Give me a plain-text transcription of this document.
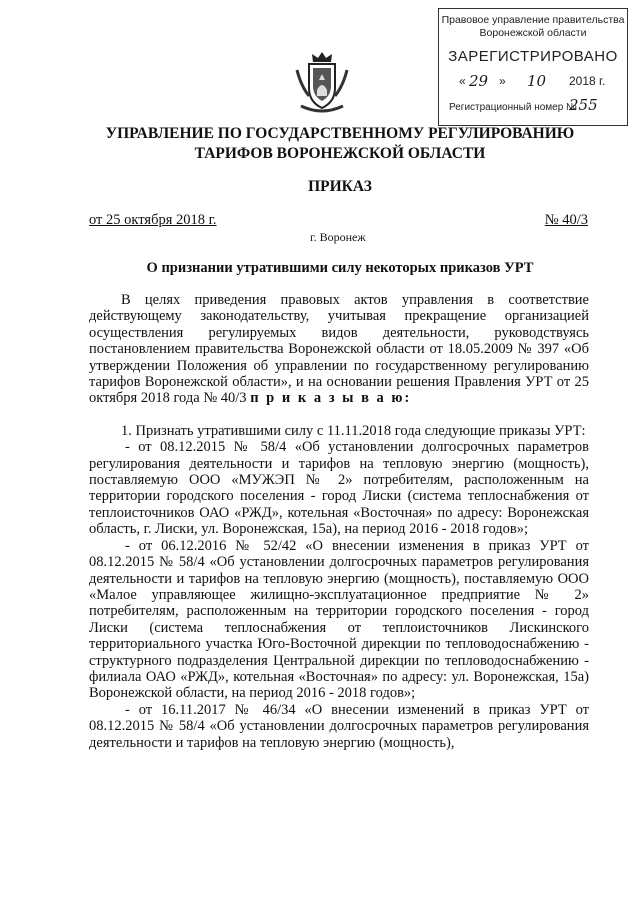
Правовое управление правительства
Воронежской области
ЗАРЕГИСТРИРОВАНО
« 29 » 10 2018 г.
Регистрационный номер №
255
УПРАВЛЕНИЕ ПО ГОСУДАРСТВЕННОМУ РЕГУЛИРОВАНИЮ
ТАРИФОВ ВОРОНЕЖСКОЙ ОБЛАСТИ
ПРИКАЗ
от 25 октября 2018 г.	№ 40/3
г. Воронеж
О признании утратившими силу некоторых приказов УРТ

В целях приведения правовых актов управления в соответствие действующему законодательству, учитывая прекращение организацией осуществления регулируемых видов деятельности, руководствуясь постановлением правительства Воронежской области от 18.05.2009 № 397 «Об утверждении Положения об управлении по государственному регулированию тарифов Воронежской области», и на основании решения Правления УРТ от 25 октября 2018 года № 40/3 п р и к а з ы в а ю:

1. Признать утратившими силу с 11.11.2018 года следующие приказы УРТ:

- от 08.12.2015 № 58/4 «Об установлении долгосрочных параметров регулирования деятельности и тарифов на тепловую энергию (мощность), поставляемую ООО «МУЖЭП № 2» потребителям, расположенным на территории городского поселения - город Лиски (система теплоснабжения от теплоисточников ОАО «РЖД», котельная «Восточная» по адресу: Воронежская область, г. Лиски, ул. Воронежская, 15а), на период 2016 - 2018 годов»;

- от 06.12.2016 № 52/42 «О внесении изменения в приказ УРТ от 08.12.2015 № 58/4 «Об установлении долгосрочных параметров регулирования деятельности и тарифов на тепловую энергию (мощность), поставляемую ООО «Малое управляющее жилищно-эксплуатационное предприятие № 2» потребителям, расположенным на территории городского поселения - город Лиски (система теплоснабжения от теплоисточников Лискинского территориального участка Юго-Восточной дирекции по тепловодоснабжению - структурного подразделения Центральной дирекции по тепловодоснабжению - филиала ОАО «РЖД», котельная «Восточная» по адресу: ул. Воронежская, 15а) Воронежской области, на период 2016 - 2018 годов»;

- от 16.11.2017 № 46/34 «О внесении изменений в приказ УРТ от 08.12.2015 № 58/4 «Об установлении долгосрочных параметров регулирования деятельности и тарифов на тепловую энергию (мощность),
